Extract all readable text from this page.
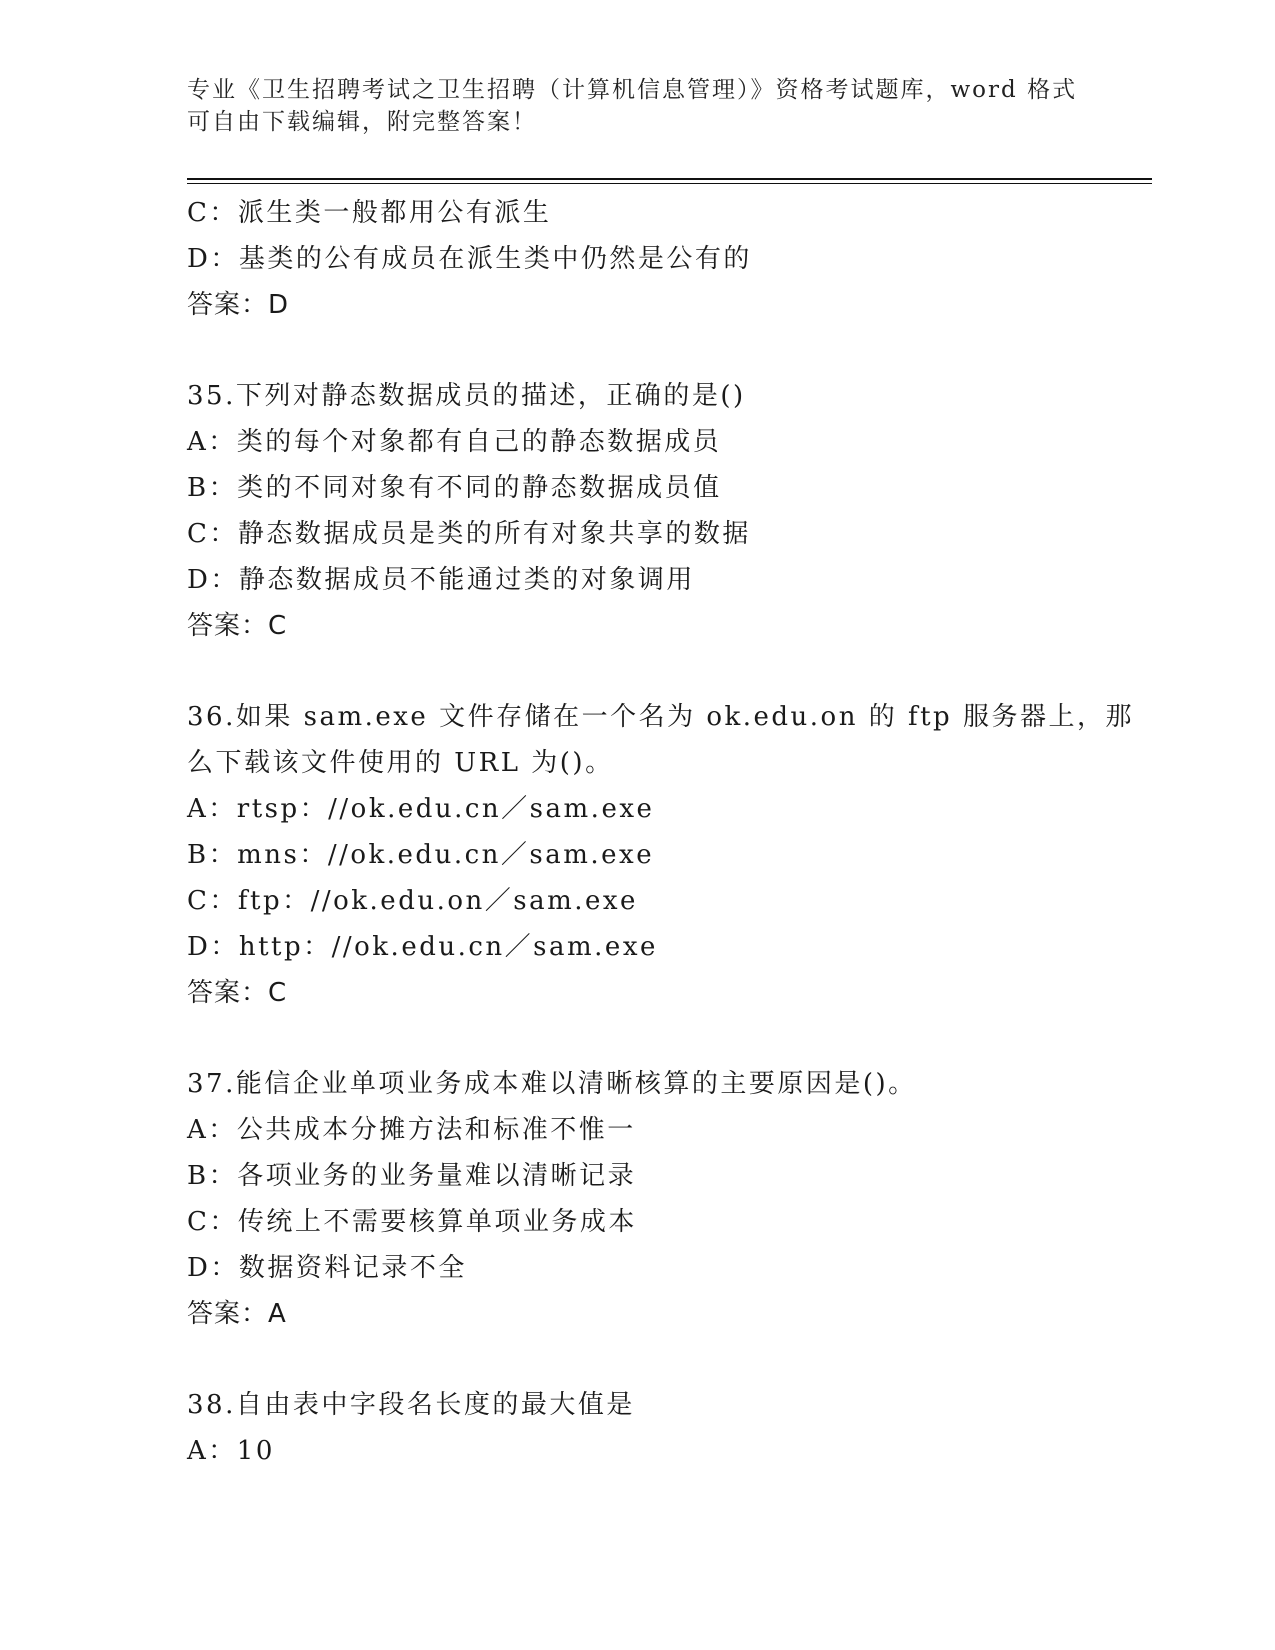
专业《卫生招聘考试之卫生招聘（计算机信息管理）》资格考试题库，word 格式
可自由下载编辑，附完整答案！
C：派生类一般都用公有派生
D：基类的公有成员在派生类中仍然是公有的
答案：D
35.下列对静态数据成员的描述，正确的是()
A：类的每个对象都有自己的静态数据成员
B：类的不同对象有不同的静态数据成员值
C：静态数据成员是类的所有对象共享的数据
D：静态数据成员不能通过类的对象调用
答案：C
36.如果 sam.exe 文件存储在一个名为 ok.edu.on 的 ftp 服务器上，那
么下载该文件使用的 URL 为()。
A：rtsp：//ok.edu.cn／sam.exe
B：mns：//ok.edu.cn／sam.exe
C：ftp：//ok.edu.on／sam.exe
D：http：//ok.edu.cn／sam.exe
答案：C
37.能信企业单项业务成本难以清晰核算的主要原因是()。
A：公共成本分摊方法和标准不惟一
B：各项业务的业务量难以清晰记录
C：传统上不需要核算单项业务成本
D：数据资料记录不全
答案：A
38.自由表中字段名长度的最大值是
A：10
